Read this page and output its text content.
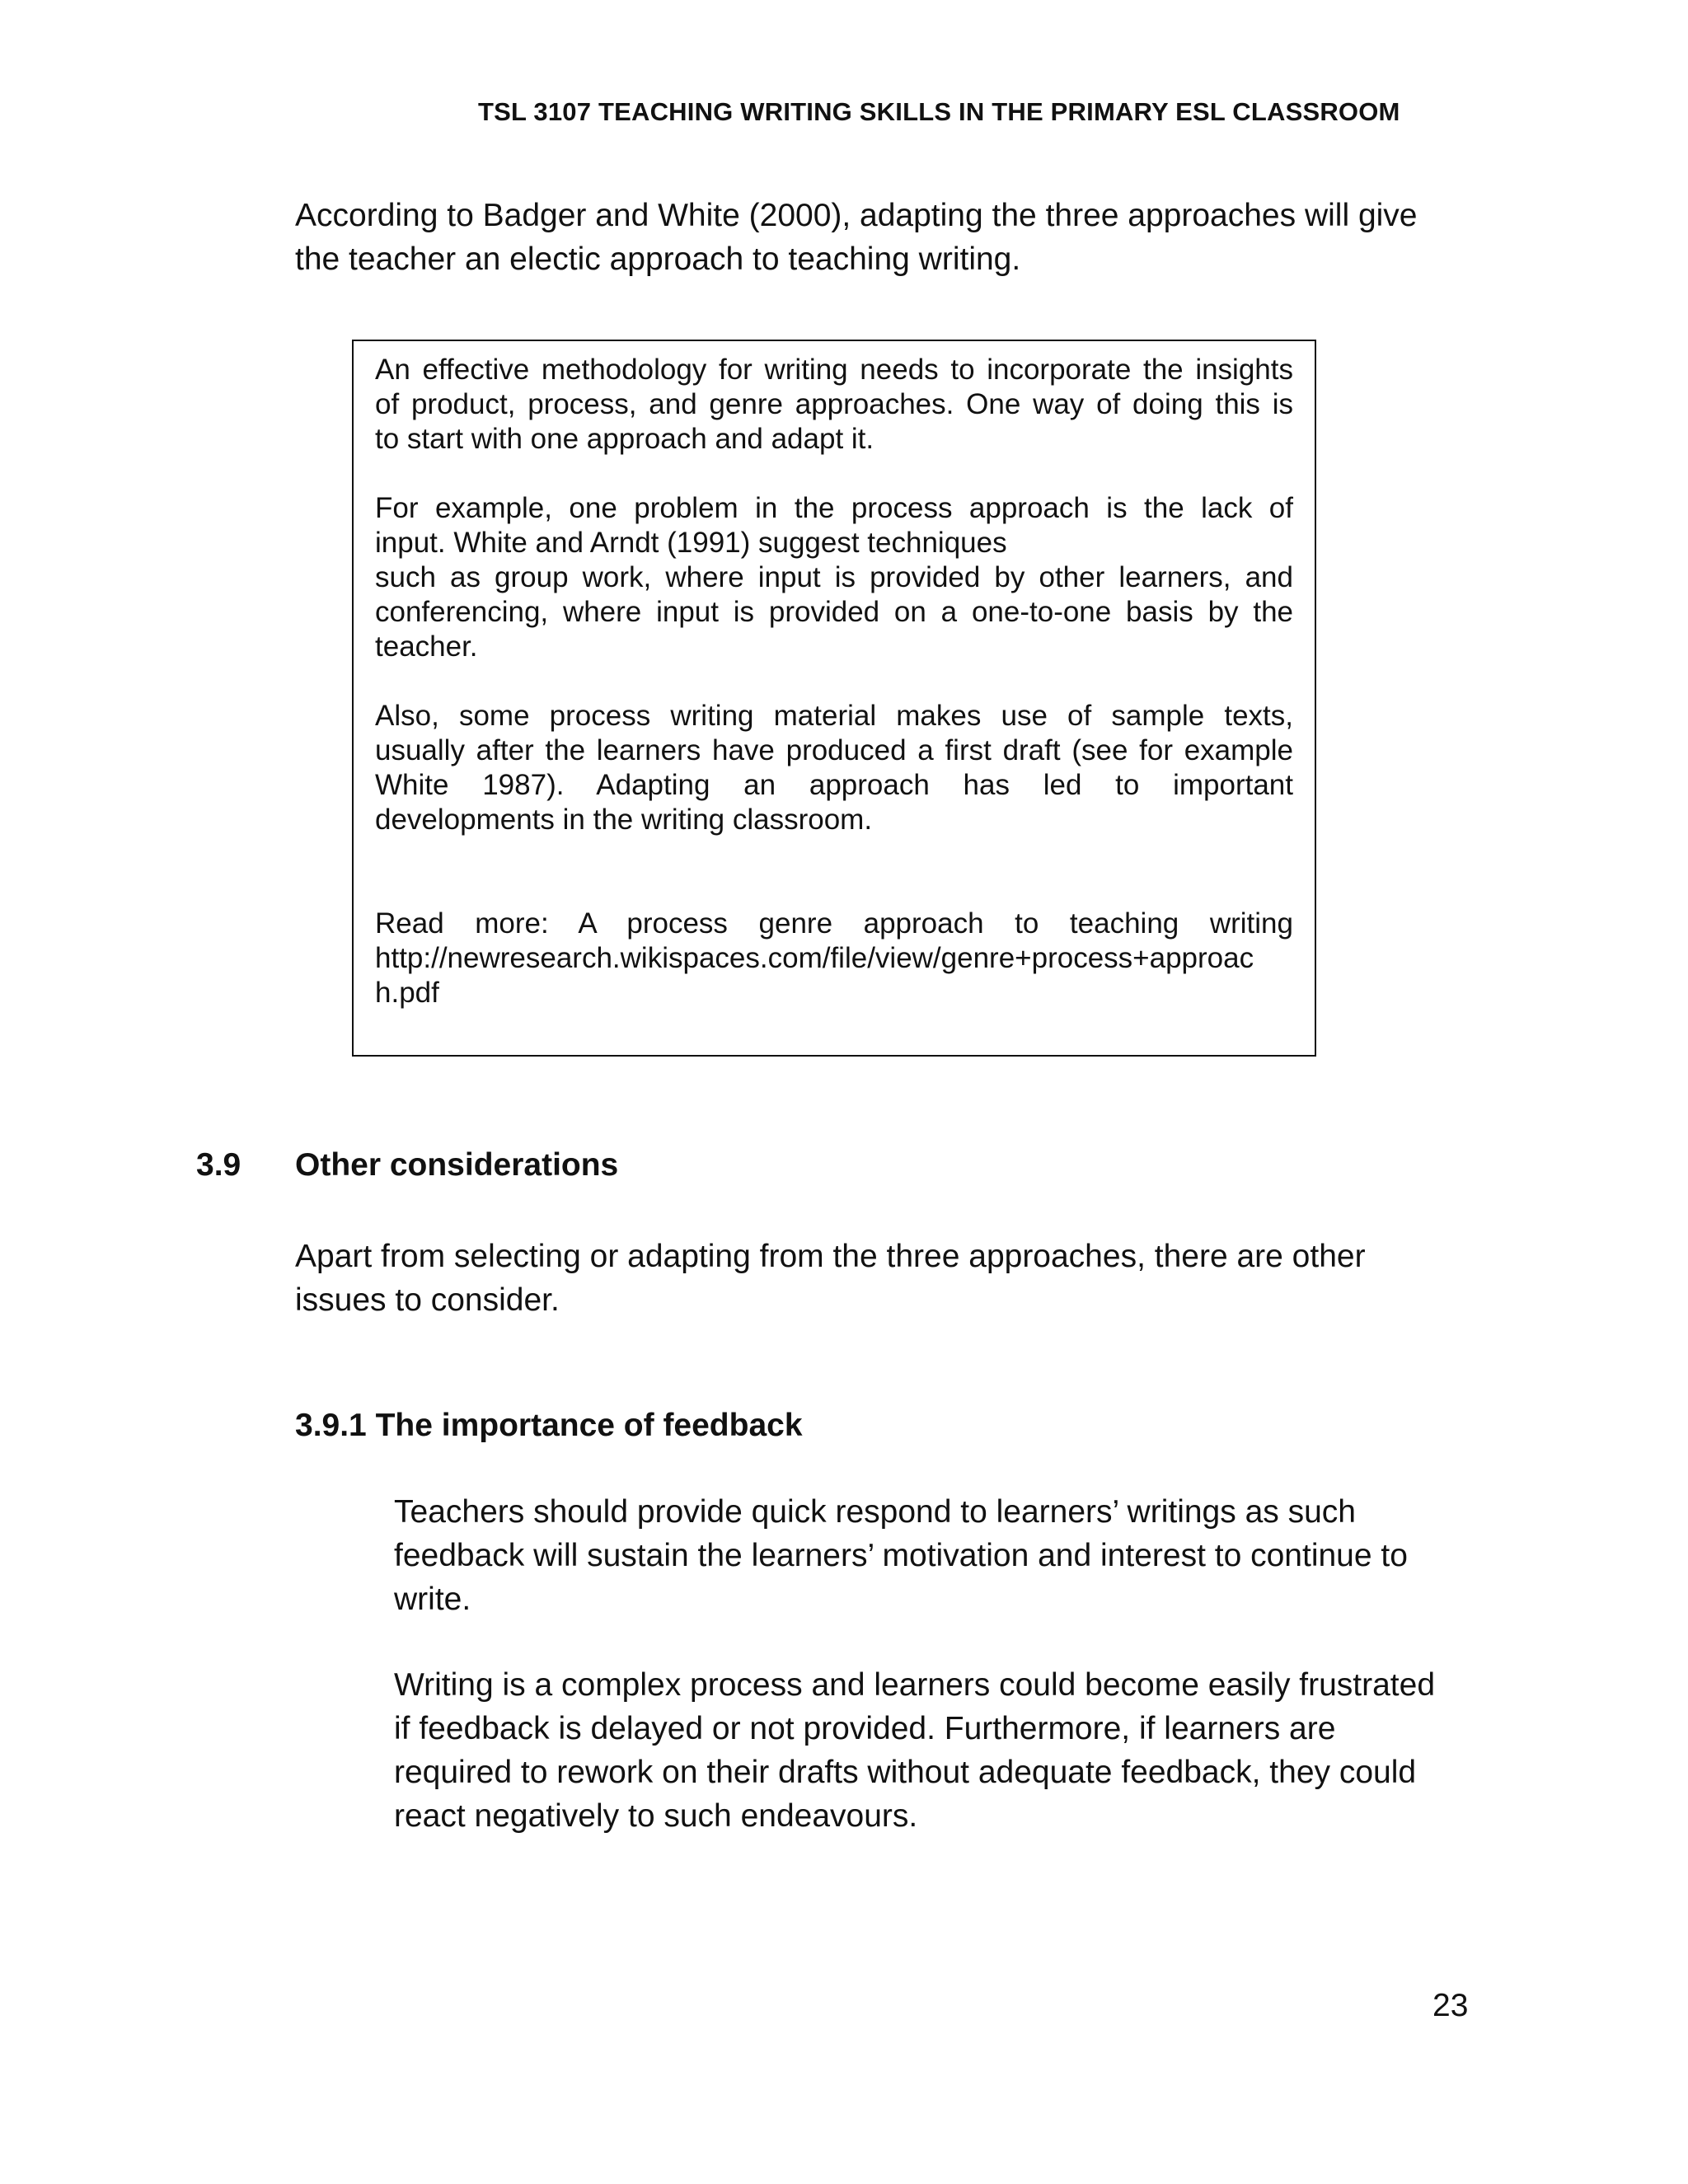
TSL 3107 TEACHING WRITING SKILLS IN THE PRIMARY ESL CLASSROOM

According to Badger and White (2000), adapting the three approaches will give
the teacher an electic approach to teaching writing.

An effective methodology for writing needs to incorporate the insights
of product, process, and genre approaches. One way of doing this is
to start with one approach and adapt it.

For example, one problem in the process approach is the lack of
input. White and Arndt (1991) suggest techniques
such as group work, where input is provided by other learners, and
conferencing, where input is provided on a one-to-one basis by the
teacher.

Also, some process writing material makes use of sample texts,
usually after the learners have produced a first draft (see for example
White 1987). Adapting an approach has led to important
developments in the writing classroom.

Read more: A process genre approach to teaching writing
http://newresearch.wikispaces.com/file/view/genre+process+approac
h.pdf

3.9 Other considerations

Apart from selecting or adapting from the three approaches, there are other
issues to consider.

3.9.1 The importance of feedback

Teachers should provide quick respond to learners’ writings as such
feedback will sustain the learners’ motivation and interest to continue to
write.

Writing is a complex process and learners could become easily frustrated
if feedback is delayed or not provided. Furthermore, if learners are
required to rework on their drafts without adequate feedback, they could
react negatively to such endeavours.

23
